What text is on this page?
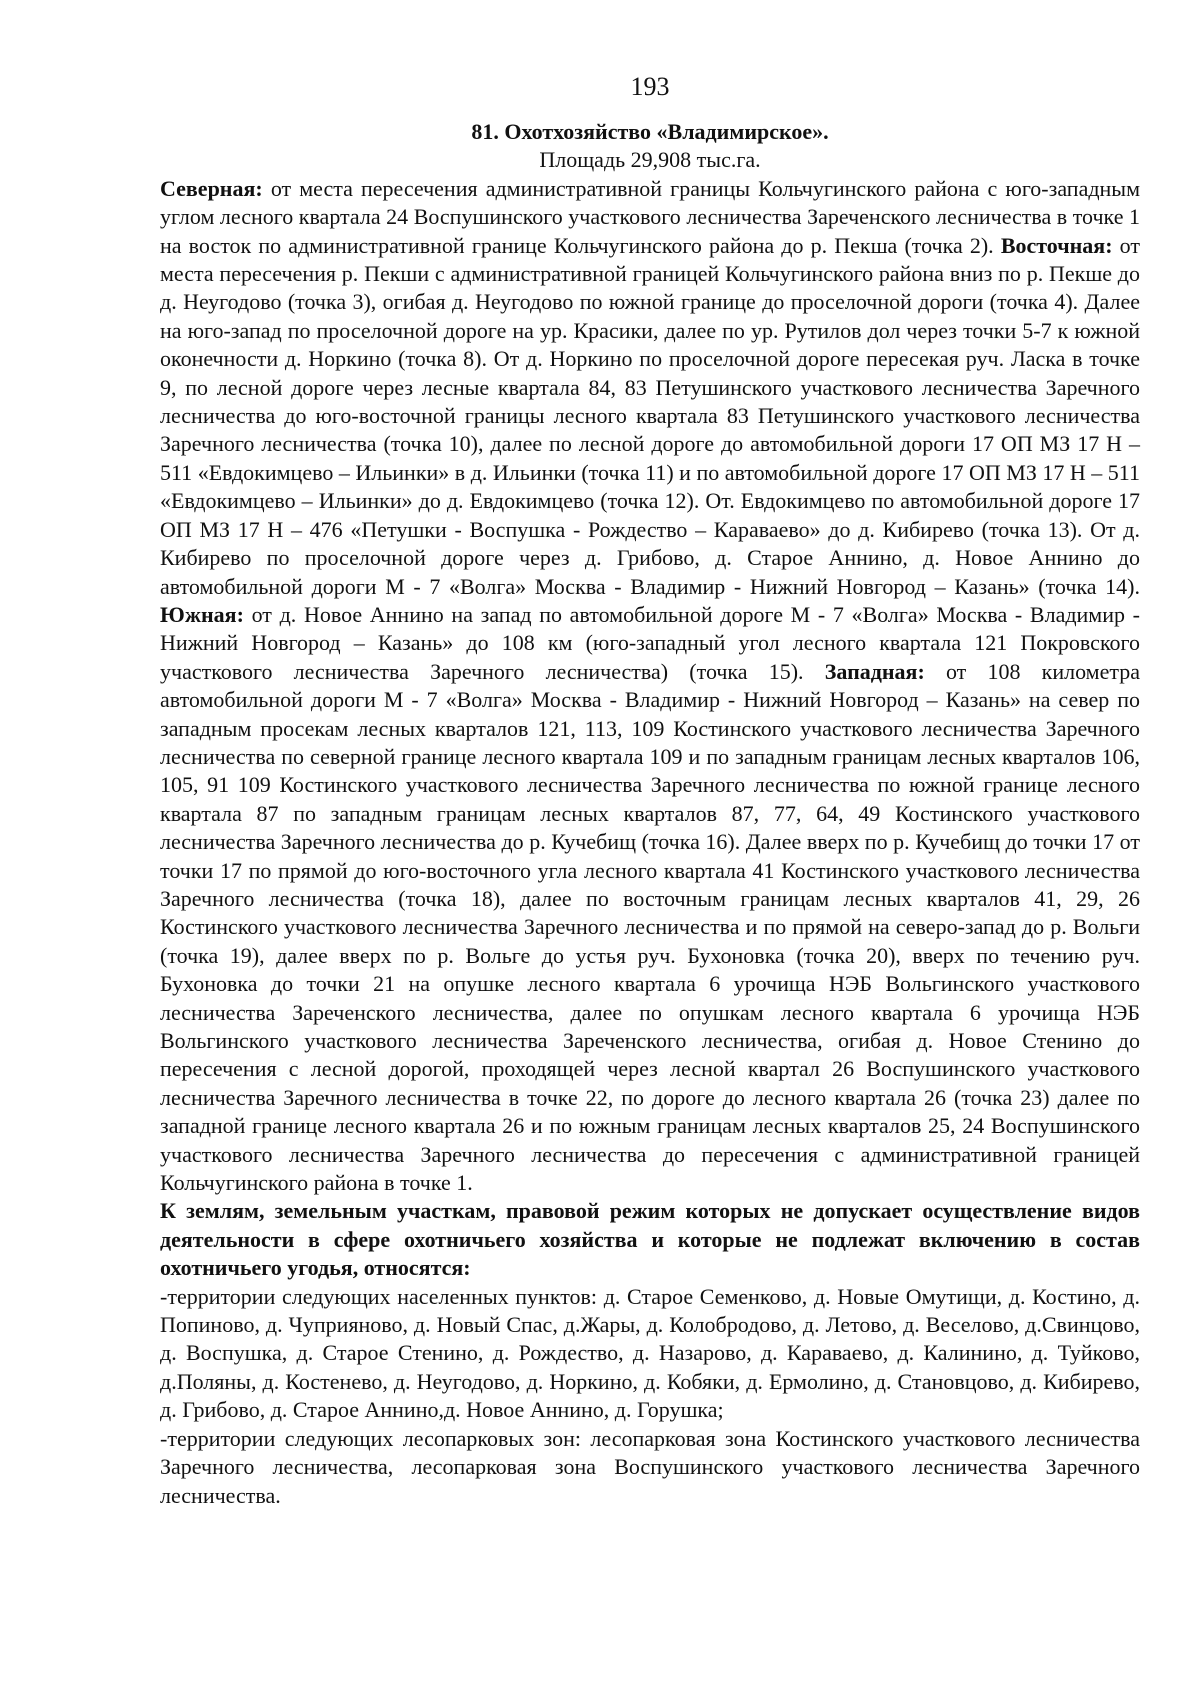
193
81. Охотхозяйство «Владимирское».
Площадь 29,908 тыс.га.

Северная: от места пересечения административной границы Кольчугинского района с юго-западным углом лесного квартала 24 Воспушинского участкового лесничества Зареченского лесничества в точке 1 на восток по административной границе Кольчугинского района до р. Пекша (точка 2). Восточная: от места пересечения р. Пекши с административной границей Кольчугинского района вниз по р. Пекше до д. Неугодово (точка 3), огибая д. Неугодово по южной границе до проселочной дороги (точка 4). Далее на юго-запад по проселочной дороге на ур. Красики, далее по ур. Рутилов дол через точки 5-7 к южной оконечности д. Норкино (точка 8). От д. Норкино по проселочной дороге пересекая руч. Ласка в точке 9, по лесной дороге через лесные квартала 84, 83 Петушинского участкового лесничества Заречного лесничества до юго-восточной границы лесного квартала 83 Петушинского участкового лесничества Заречного лесничества (точка 10), далее по лесной дороге до автомобильной дороги 17 ОП МЗ 17 Н – 511 «Евдокимцево – Ильинки» в д. Ильинки (точка 11) и по автомобильной дороге 17 ОП МЗ 17 Н – 511 «Евдокимцево – Ильинки» до д. Евдокимцево (точка 12). От. Евдокимцево по автомобильной дороге 17 ОП МЗ 17 Н – 476 «Петушки - Воспушка - Рождество – Караваево» до д. Кибирево (точка 13). От д. Кибирево по проселочной дороге через д. Грибово, д. Старое Аннино, д. Новое Аннино до автомобильной дороги М - 7 «Волга» Москва - Владимир - Нижний Новгород – Казань» (точка 14). Южная: от д. Новое Аннино на запад по автомобильной дороге М - 7 «Волга» Москва - Владимир - Нижний Новгород – Казань» до 108 км (юго-западный угол лесного квартала 121 Покровского участкового лесничества Заречного лесничества) (точка 15). Западная: от 108 километра автомобильной дороги М - 7 «Волга» Москва - Владимир - Нижний Новгород – Казань» на север по западным просекам лесных кварталов 121, 113, 109 Костинского участкового лесничества Заречного лесничества по северной границе лесного квартала 109 и по западным границам лесных кварталов 106, 105, 91 109 Костинского участкового лесничества Заречного лесничества по южной границе лесного квартала 87 по западным границам лесных кварталов 87, 77, 64, 49 Костинского участкового лесничества Заречного лесничества до р. Кучебищ (точка 16). Далее вверх по р. Кучебищ до точки 17 от точки 17 по прямой до юго-восточного угла лесного квартала 41 Костинского участкового лесничества Заречного лесничества (точка 18), далее по восточным границам лесных кварталов 41, 29, 26 Костинского участкового лесничества Заречного лесничества и по прямой на северо-запад до р. Вольги (точка 19), далее вверх по р. Вольге до устья руч. Бухоновка (точка 20), вверх по течению руч. Бухоновка до точки 21 на опушке лесного квартала 6 урочища НЭБ Вольгинского участкового лесничества Зареченского лесничества, далее по опушкам лесного квартала 6 урочища НЭБ Вольгинского участкового лесничества Зареченского лесничества, огибая д. Новое Стенино до пересечения с лесной дорогой, проходящей через лесной квартал 26 Воспушинского участкового лесничества Заречного лесничества в точке 22, по дороге до лесного квартала 26 (точка 23) далее по западной границе лесного квартала 26 и по южным границам лесных кварталов 25, 24 Воспушинского участкового лесничества Заречного лесничества до пересечения с административной границей Кольчугинского района в точке 1.

К землям, земельным участкам, правовой режим которых не допускает осуществление видов деятельности в сфере охотничьего хозяйства и которые не подлежат включению в состав охотничьего угодья, относятся:

-территории следующих населенных пунктов: д. Старое Семенково, д. Новые Омутищи, д. Костино, д. Попиново, д. Чуприяново, д. Новый Спас, д.Жары, д. Колобродово, д. Летово, д. Веселово, д.Свинцово, д. Воспушка, д. Старое Стенино, д. Рождество, д. Назарово, д. Караваево, д. Калинино, д. Туйково, д.Поляны, д. Костенево, д. Неугодово, д. Норкино, д. Кобяки, д. Ермолино, д. Становцово, д. Кибирево, д. Грибово, д. Старое Аннино,д. Новое Аннино, д. Горушка;

-территории следующих лесопарковых зон: лесопарковая зона Костинского участкового лесничества Заречного лесничества, лесопарковая зона Воспушинского участкового лесничества Заречного лесничества.
